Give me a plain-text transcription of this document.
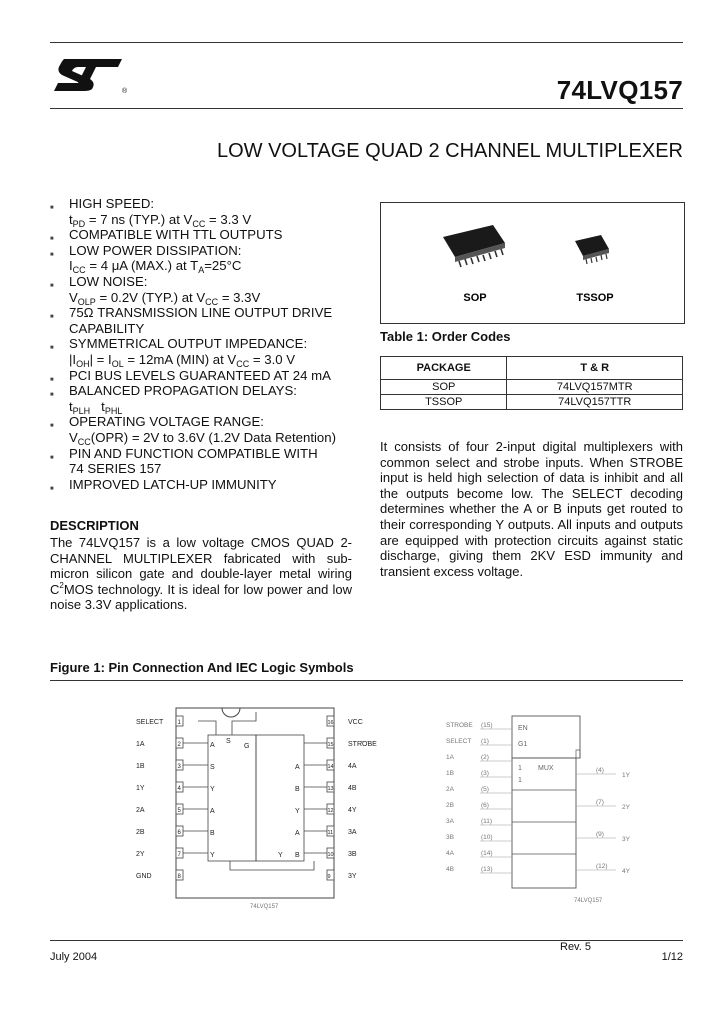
®	74LVQ157
LOW VOLTAGE QUAD 2 CHANNEL MULTIPLEXER
■ HIGH SPEED:
$t_{PD} = 7$ ns (TYP.) at $V_{CC} = 3.3$ V
■ COMPATIBLE WITH TTL OUTPUTS
■ LOW POWER DISSIPATION:
$I_{CC} = 4$ μA (MAX.) at $T_A=25^\circ C$
■ LOW NOISE:
$V_{OLP} = 0.2V$ (TYP.) at $V_{CC} = 3.3V$
■ 75Ω TRANSMISSION LINE OUTPUT DRIVE
CAPABILITY
■ SYMMETRICAL OUTPUT IMPEDANCE:
$|I_{OH}| = I_{OL} = 12mA$ (MIN) at $V_{CC} = 3.0$ V
■ PCI BUS LEVELS GUARANTEED AT 24 mA
■ BALANCED PROPAGATION DELAYS:
$t_{PLH}$   $t_{PHL}$
■ OPERATING VOLTAGE RANGE:
$V_{CC}(OPR) = 2V$ to 3.6V (1.2V Data Retention)
■ PIN AND FUNCTION COMPATIBLE WITH
74 SERIES 157
■ IMPROVED LATCH-UP IMMUNITY
DESCRIPTION
The 74LVQ157 is a low voltage CMOS QUAD 2-CHANNEL MULTIPLEXER fabricated with sub-micron silicon gate and double-layer metal wiring $C^2MOS$ technology. It is ideal for low power and low noise 3.3V applications.
SOP	TSSOP
Table 1: Order Codes
PACKAGE	T & R
SOP	74LVQ157MTR
TSSOP	74LVQ157TTR
It consists of four 2-input digital multiplexers with common select and strobe inputs. When STROBE input is held high selection of data is inhibit and all the outputs become low. The SELECT decoding determines whether the A or B inputs get routed to their corresponding Y outputs. All inputs and outputs are equipped with protection circuits against static discharge, giving them 2KV ESD immunity and transient excess voltage.
Figure 1: Pin Connection And IEC Logic Symbols
SELECT 1
1A	2
1B	3
1Y	4
2A	5
2B	6
2Y	7
GND	8
16 VCC
15 STROBE
14 4A
13 4B
12 4Y
11 3A
10 3B
9 3Y
S
G
A
S
Y
A
B
Y
A
B
Y
A
B
Y
74LVQ157
EN
G1
MUX
1
1
STROBE (15)
SELECT (1)
1A	(2)
1B	(3)
2A	(5)
2B	(6)
3A	(11)
3B	(10)
4A	(14)
4B	(13)
(4)
1Y
(7)
2Y
(9)
3Y
(12)
4Y
74LVQ157
Rev. 5
July 2004	1/12
